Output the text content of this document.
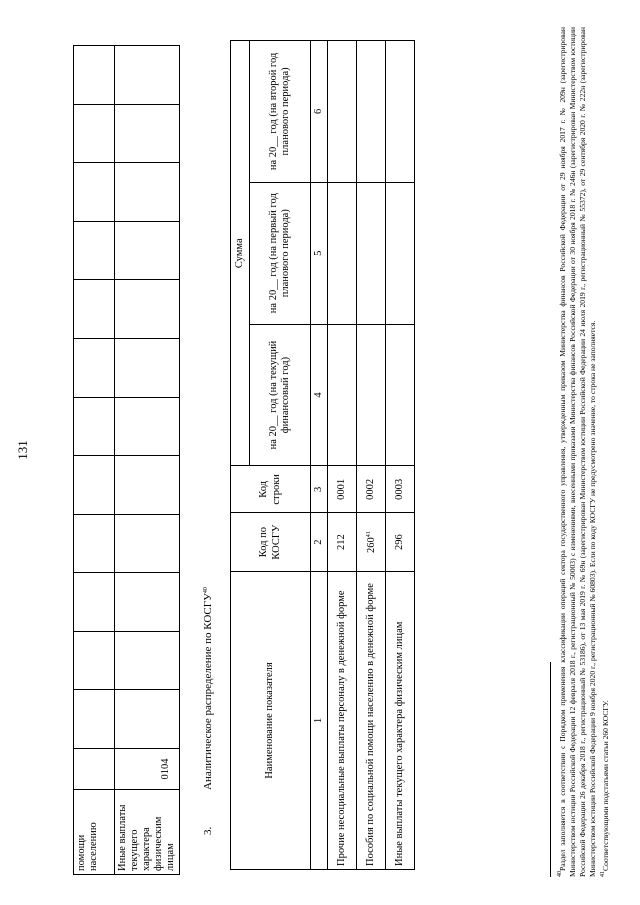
131
помощи населению													
Иные выплаты текущего характера физическим лицам	0104												
3.Аналитическое распределение по КОСГУ$^{40}$
Наименование показателя	Код по КОСГУ	Код строки	Сумма		
			на 20__ год (на текущий финансовый год)	на 20__ год (на первый год планового периода)	на 20__ год (на второй год планового периода)
1	2	3	4	5	6
Прочие несоциальные выплаты персоналу в денежной форме	212	0001			
Пособия по социальной помощи населению в денежной форме	$260^{41}$	0002			
Иные выплаты текущего характера физическим лицам	296	0003			

$^{40}$Раздел заполняется в соответствии с Порядком применения классификации операций сектора государственного управления, утвержденным приказом Министерства финансов Российской Федерации от 29 ноября 2017 г. № 209н (зарегистрирован Министерством юстиции Российской Федерации 12 февраля 2018 г., регистрационный № 50003) с изменениями, внесенными приказами Министерства финансов Российской Федерации от 30 ноября 2018 г. № 246н (зарегистрирован Министерством юстиции Российской Федерации 26 декабря 2018 г., регистрационный № 53186), от 13 мая 2019 г. № 69н (зарегистрирован Министерством юстиции Российской Федерации 24 июля 2019 г., регистрационный № 55372), от 29 сентября 2020 г. № 222н (зарегистрирован Министерством юстиции Российской Федерации 9 ноября 2020 г., регистрационный № 60803). Если по коду КОСГУ не предусмотрено значение, то строка не заполняется. $^{41}$Соответствующими подстатьями статьи 260 КОСГУ.
